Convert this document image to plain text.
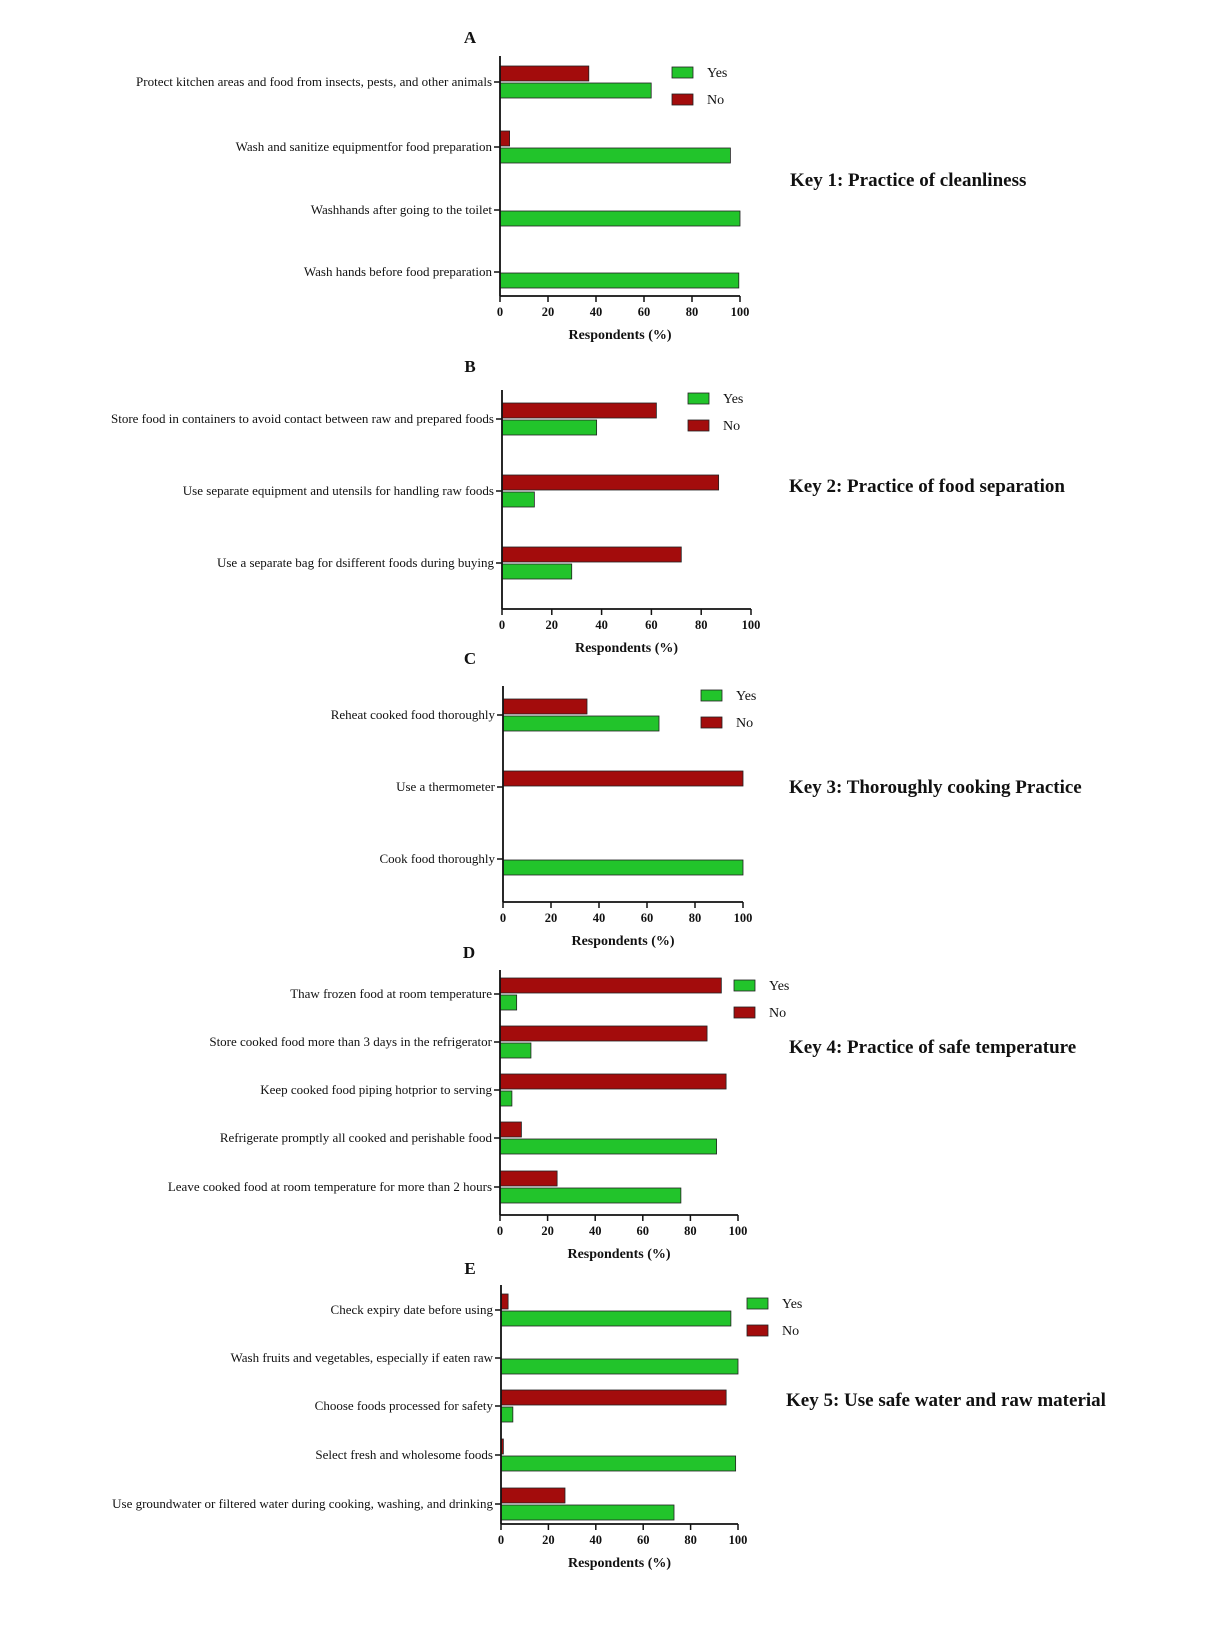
A
Protect kitchen areas and food from insects, pests, and other animals
Wash and sanitize equipmentfor food preparation
Washhands after going to the toilet
Wash hands before food preparation
0	20	40	60	80	100
Respondents (%)
Yes
No
Key 1: Practice of cleanliness
B
Store food in containers to avoid contact between raw and prepared foods
Use separate equipment and utensils for handling raw foods
Use a separate bag for dsifferent foods during buying
0	20	40	60	80	100
Respondents (%)
Yes
No
Key 2: Practice of food separation
C
Reheat cooked food thoroughly
Use a thermometer
Cook food thoroughly
0	20	40	60	80	100
Respondents (%)
Yes
No
Key 3: Thoroughly cooking Practice
D
Thaw frozen food at room temperature
Store cooked food more than 3 days in the refrigerator
Keep cooked food piping hotprior to serving
Refrigerate promptly all cooked and perishable food
Leave cooked food at room temperature for more than 2 hours
0	20	40	60	80	100
Respondents (%)
Yes
No
Key 4: Practice of safe temperature
E
Check expiry date before using
Wash fruits and vegetables, especially if eaten raw
Choose foods processed for safety
Select fresh and wholesome foods
Use groundwater or filtered water during cooking, washing, and drinking
0	20	40	60	80	100
Respondents (%)
Yes
No
Key 5: Use safe water and raw material
